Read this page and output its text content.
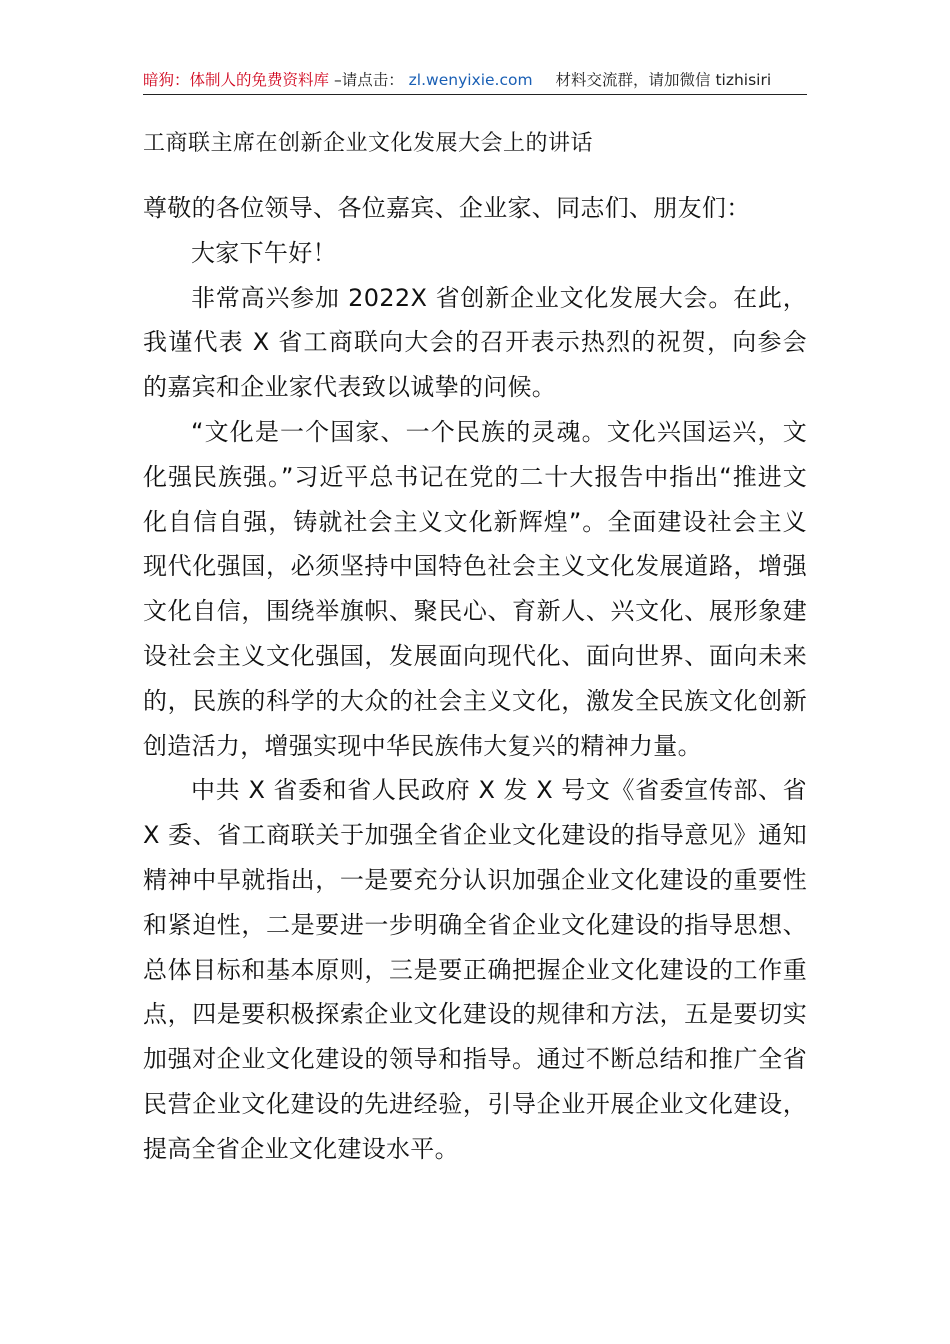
暗狗：体制人的免费资料库 –请点击： zl.wenyixie.com 材料交流群，请加微信 tizhisiri
工商联主席在创新企业文化发展大会上的讲话

尊敬的各位领导、各位嘉宾、企业家、同志们、朋友们：

大家下午好！

非常高兴参加 2022X 省创新企业文化发展大会。在此，我谨代表 X 省工商联向大会的召开表示热烈的祝贺，向参会的嘉宾和企业家代表致以诚挚的问候。

“文化是一个国家、一个民族的灵魂。文化兴国运兴，文化强民族强。”习近平总书记在党的二十大报告中指出“推进文化自信自强，铸就社会主义文化新辉煌”。全面建设社会主义现代化强国，必须坚持中国特色社会主义文化发展道路，增强文化自信，围绕举旗帜、聚民心、育新人、兴文化、展形象建设社会主义文化强国，发展面向现代化、面向世界、面向未来的，民族的科学的大众的社会主义文化，激发全民族文化创新创造活力，增强实现中华民族伟大复兴的精神力量。

中共 X 省委和省人民政府 X 发 X 号文《省委宣传部、省 X 委、省工商联关于加强全省企业文化建设的指导意见》通知精神中早就指出，一是要充分认识加强企业文化建设的重要性和紧迫性，二是要进一步明确全省企业文化建设的指导思想、总体目标和基本原则，三是要正确把握企业文化建设的工作重点，四是要积极探索企业文化建设的规律和方法，五是要切实加强对企业文化建设的领导和指导。通过不断总结和推广全省民营企业文化建设的先进经验，引导企业开展企业文化建设，提高全省企业文化建设水平。
